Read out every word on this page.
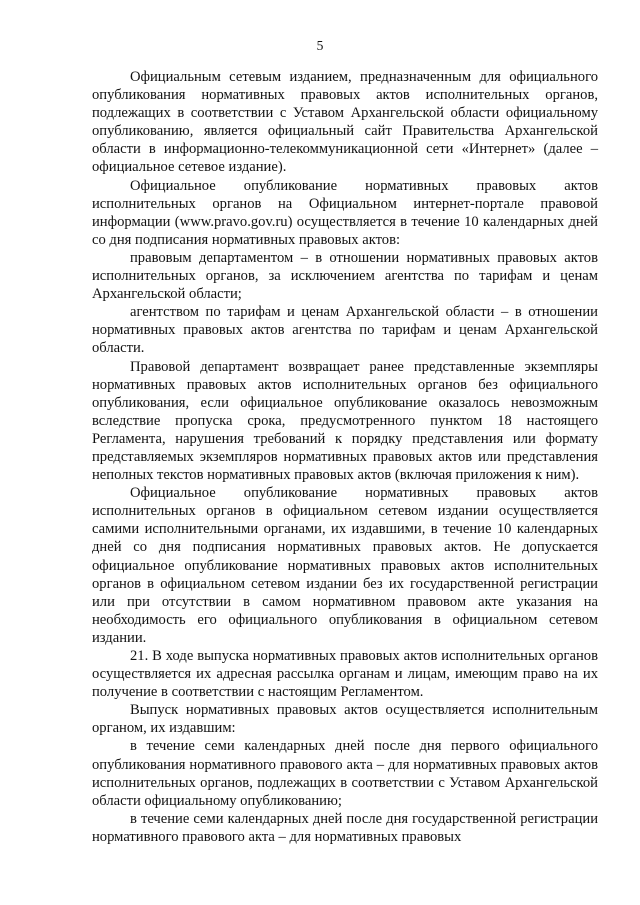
5

Официальным сетевым изданием, предназначенным для официального опубликования нормативных правовых актов исполнительных органов, подлежащих в соответствии с Уставом Архангельской области официальному опубликованию, является официальный сайт Правительства Архангельской области в информационно-телекоммуникационной сети «Интернет» (далее – официальное сетевое издание).

Официальное опубликование нормативных правовых актов исполнительных органов на Официальном интернет-портале правовой информации (www.pravo.gov.ru) осуществляется в течение 10 календарных дней со дня подписания нормативных правовых актов:

правовым департаментом – в отношении нормативных правовых актов исполнительных органов, за исключением агентства по тарифам и ценам Архангельской области;

агентством по тарифам и ценам Архангельской области – в отношении нормативных правовых актов агентства по тарифам и ценам Архангельской области.

Правовой департамент возвращает ранее представленные экземпляры нормативных правовых актов исполнительных органов без официального опубликования, если официальное опубликование оказалось невозможным вследствие пропуска срока, предусмотренного пунктом 18 настоящего Регламента, нарушения требований к порядку представления или формату представляемых экземпляров нормативных правовых актов или представления неполных текстов нормативных правовых актов (включая приложения к ним).

Официальное опубликование нормативных правовых актов исполнительных органов в официальном сетевом издании осуществляется самими исполнительными органами, их издавшими, в течение 10 календарных дней со дня подписания нормативных правовых актов. Не допускается официальное опубликование нормативных правовых актов исполнительных органов в официальном сетевом издании без их государственной регистрации или при отсутствии в самом нормативном правовом акте указания на необходимость его официального опубликования в официальном сетевом издании.

21. В ходе выпуска нормативных правовых актов исполнительных органов осуществляется их адресная рассылка органам и лицам, имеющим право на их получение в соответствии с настоящим Регламентом.

Выпуск нормативных правовых актов осуществляется исполнительным органом, их издавшим:

в течение семи календарных дней после дня первого официального опубликования нормативного правового акта – для нормативных правовых актов исполнительных органов, подлежащих в соответствии с Уставом Архангельской области официальному опубликованию;

в течение семи календарных дней после дня государственной регистрации нормативного правового акта – для нормативных правовых
